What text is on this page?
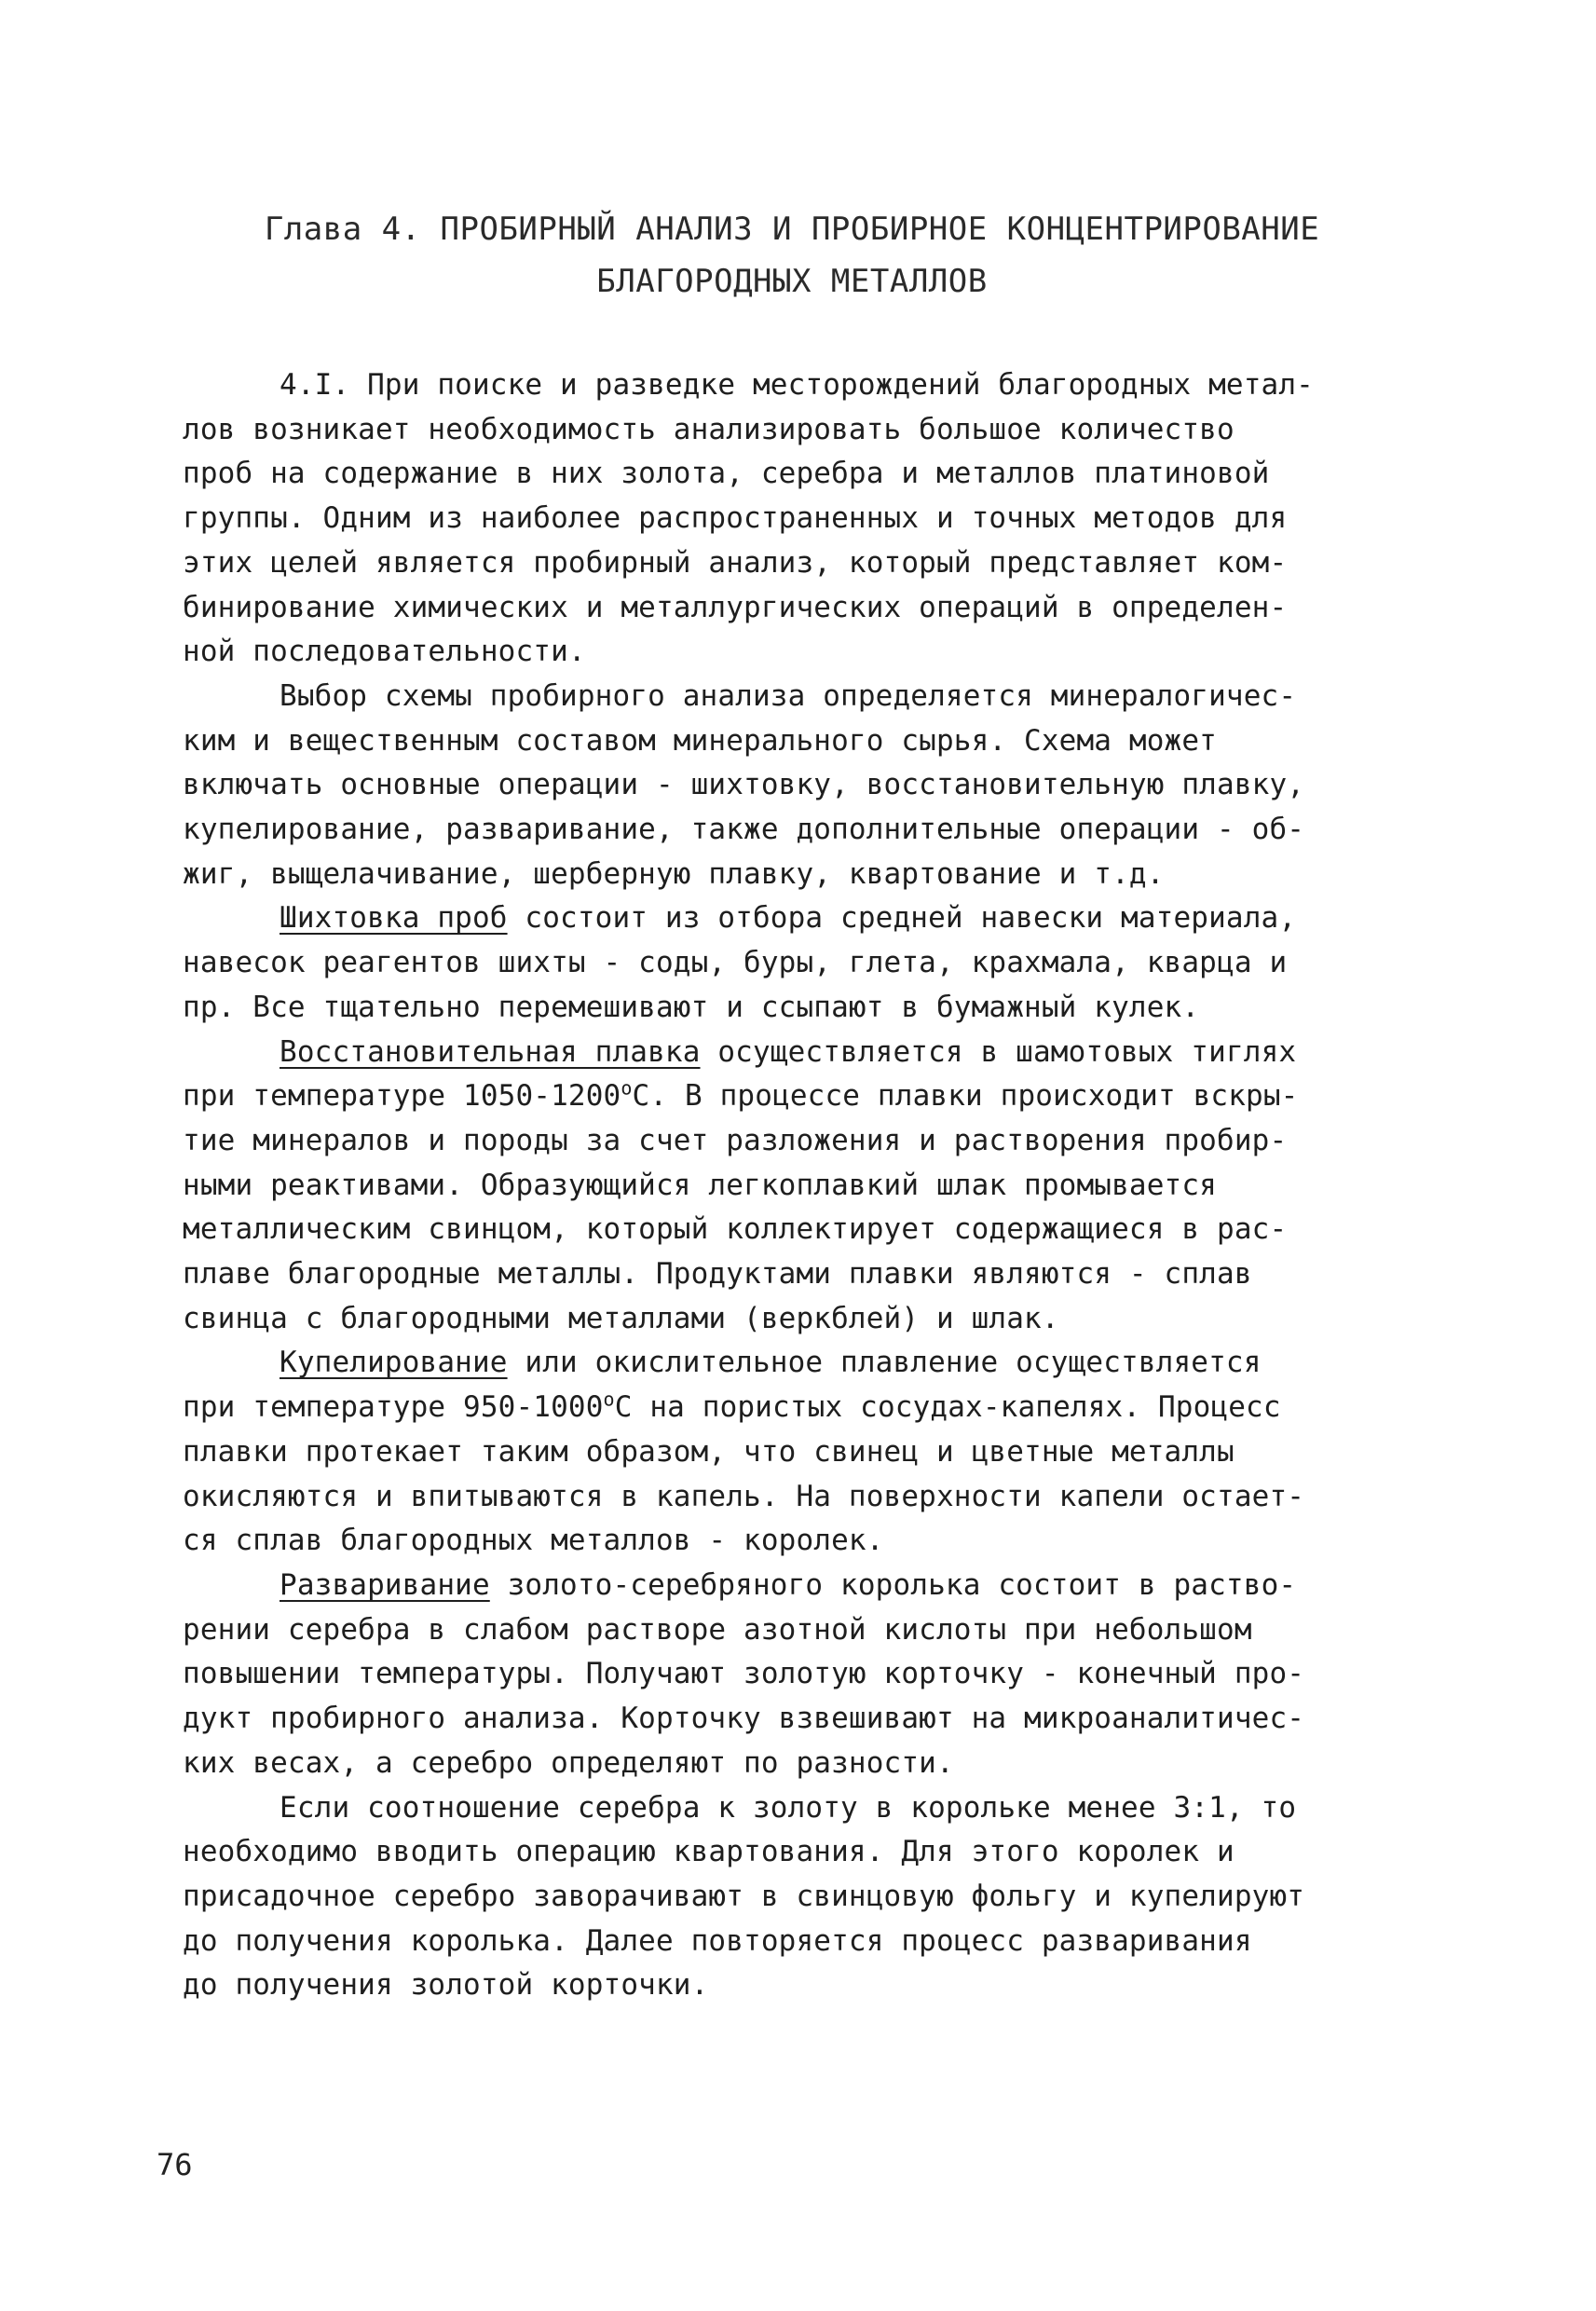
Глава 4. ПРОБИРНЫЙ АНАЛИЗ И ПРОБИРНОЕ КОНЦЕНТРИРОВАНИЕ
БЛАГОРОДНЫХ МЕТАЛЛОВ

4.I. При поиске и разведке месторождений благородных метал-
лов возникает необходимость анализировать большое количество
проб на содержание в них золота, серебра и металлов платиновой
группы. Одним из наиболее распространенных и точных методов для
этих целей является пробирный анализ, который представляет ком-
бинирование химических и металлургических операций в определен-
ной последовательности.

Выбор схемы пробирного анализа определяется минералогичес-
ким и вещественным составом минерального сырья. Схема может
включать основные операции - шихтовку, восстановительную плавку,
купелирование, разваривание, также дополнительные операции - об-
жиг, выщелачивание, шерберную плавку, квартование и т.д.

Шихтовка проб состоит из отбора средней навески материала,
навесок реагентов шихты - соды, буры, глета, крахмала, кварца и
пр. Все тщательно перемешивают и ссыпают в бумажный кулек.

Восстановительная плавка осуществляется в шамотовых тиглях
при температуре 1050-1200$^o$С. В процессе плавки происходит вскры-
тие минералов и породы за счет разложения и растворения пробир-
ными реактивами. Образующийся легкоплавкий шлак промывается
металлическим свинцом, который коллектирует содержащиеся в рас-
плаве благородные металлы. Продуктами плавки являются - сплав
свинца с благородными металлами (веркблей) и шлак.

Купелирование или окислительное плавление осуществляется
при температуре 950-1000$^o$С на пористых сосудах-капелях. Процесс
плавки протекает таким образом, что свинец и цветные металлы
окисляются и впитываются в капель. На поверхности капели остает-
ся сплав благородных металлов - королек.

Разваривание золото-серебряного королька состоит в раство-
рении серебра в слабом растворе азотной кислоты при небольшом
повышении температуры. Получают золотую корточку - конечный про-
дукт пробирного анализа. Корточку взвешивают на микроаналитичес-
ких весах, а серебро определяют по разности.

Если соотношение серебра к золоту в корольке менее 3:1, то
необходимо вводить операцию квартования. Для этого королек и
присадочное серебро заворачивают в свинцовую фольгу и купелируют
до получения королька. Далее повторяется процесс разваривания
до получения золотой корточки.

76
